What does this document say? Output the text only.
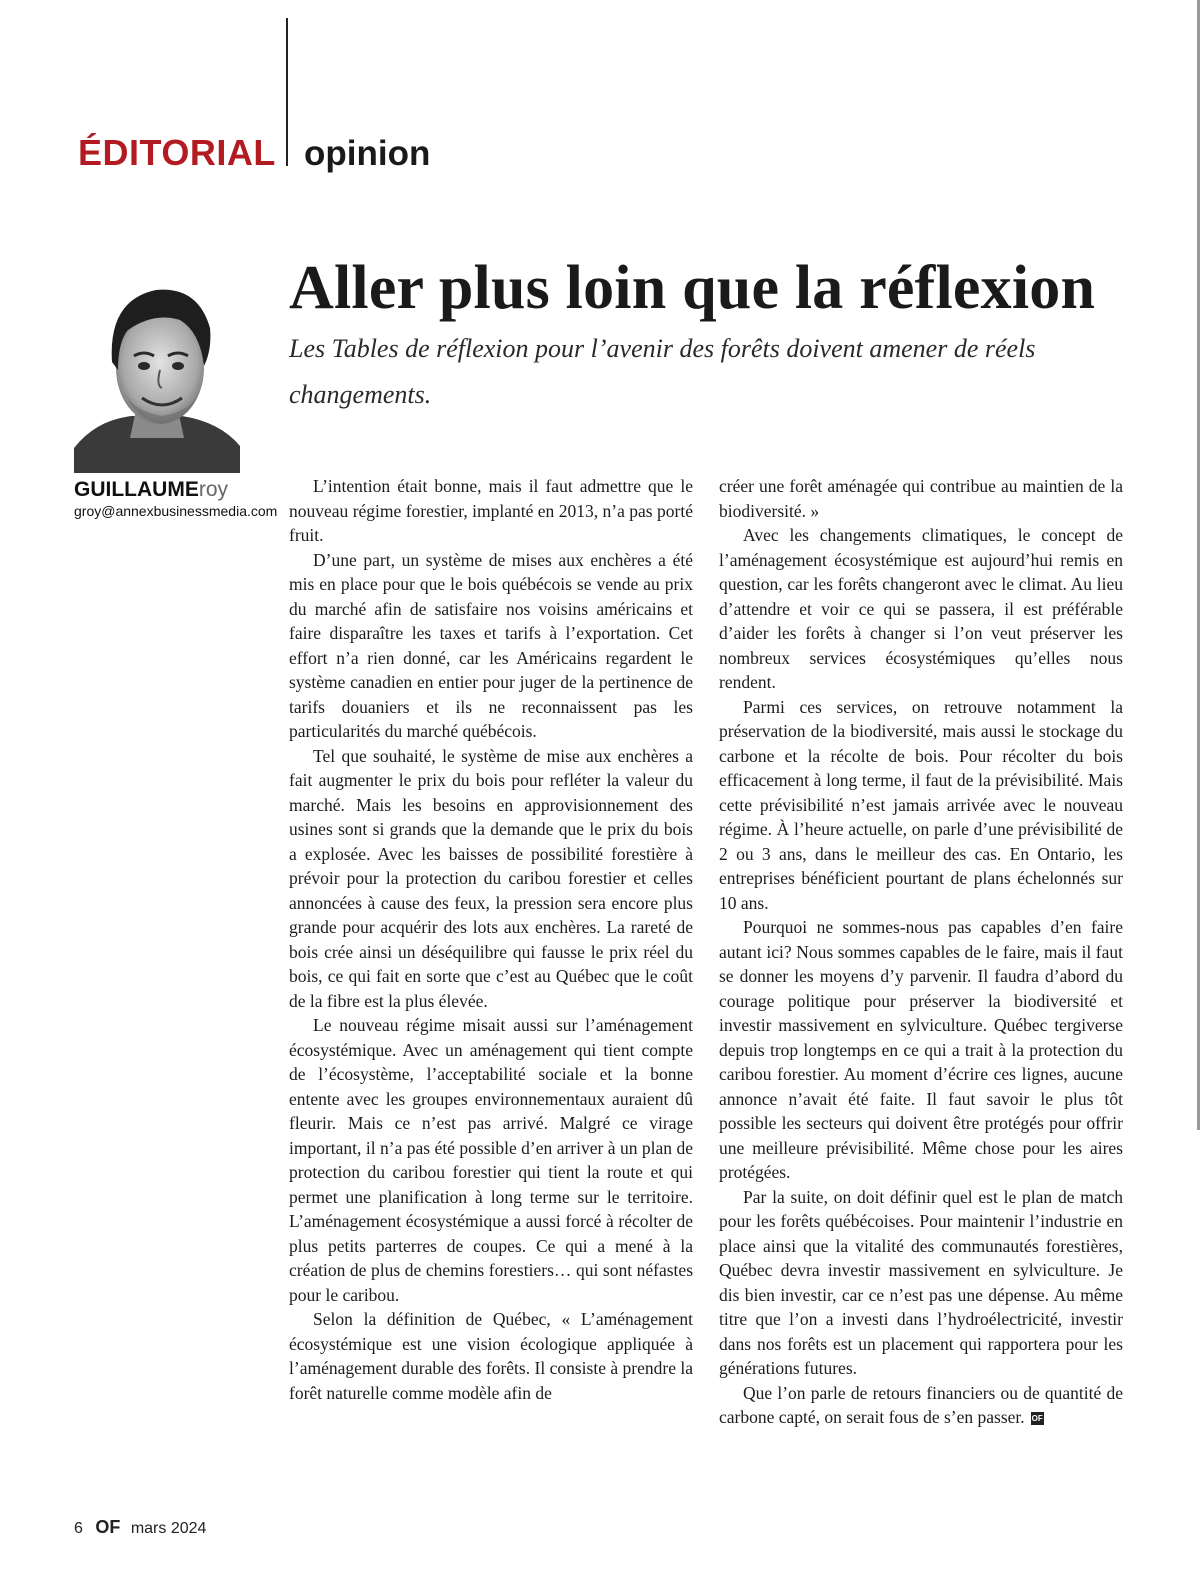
ÉDITORIAL opinion
Aller plus loin que la réflexion

Les Tables de réflexion pour l’avenir des forêts doivent amener de réels changements.

GUILLAUMEroy
groy@annexbusinessmedia.com

L’intention était bonne, mais il faut admettre que le nouveau régime forestier, implanté en 2013, n’a pas porté fruit.

D’une part, un système de mises aux enchères a été mis en place pour que le bois québécois se vende au prix du marché afin de satisfaire nos voisins américains et faire disparaître les taxes et tarifs à l’exportation. Cet effort n’a rien donné, car les Américains regardent le système canadien en entier pour juger de la pertinence de tarifs douaniers et ils ne reconnaissent pas les particularités du marché québécois.

Tel que souhaité, le système de mise aux enchères a fait augmenter le prix du bois pour refléter la valeur du marché. Mais les besoins en approvisionnement des usines sont si grands que la demande que le prix du bois a explosée. Avec les baisses de possibilité forestière à prévoir pour la protection du caribou forestier et celles annoncées à cause des feux, la pression sera encore plus grande pour acquérir des lots aux enchères. La rareté de bois crée ainsi un déséquilibre qui fausse le prix réel du bois, ce qui fait en sorte que c’est au Québec que le coût de la fibre est la plus élevée.

Le nouveau régime misait aussi sur l’aménagement écosystémique. Avec un aménagement qui tient compte de l’écosystème, l’acceptabilité sociale et la bonne entente avec les groupes environnementaux auraient dû fleurir. Mais ce n’est pas arrivé. Malgré ce virage important, il n’a pas été possible d’en arriver à un plan de protection du caribou forestier qui tient la route et qui permet une planification à long terme sur le territoire. L’aménagement écosystémique a aussi forcé à récolter de plus petits parterres de coupes. Ce qui a mené à la création de plus de chemins forestiers… qui sont néfastes pour le caribou.

Selon la définition de Québec, « L’aménagement écosystémique est une vision écologique appliquée à l’aménagement durable des forêts. Il consiste à prendre la forêt naturelle comme modèle afin de

créer une forêt aménagée qui contribue au maintien de la biodiversité. »

Avec les changements climatiques, le concept de l’aménagement écosystémique est aujourd’hui remis en question, car les forêts changeront avec le climat. Au lieu d’attendre et voir ce qui se passera, il est préférable d’aider les forêts à changer si l’on veut préserver les nombreux services écosystémiques qu’elles nous rendent.

Parmi ces services, on retrouve notamment la préservation de la biodiversité, mais aussi le stockage du carbone et la récolte de bois. Pour récolter du bois efficacement à long terme, il faut de la prévisibilité. Mais cette prévisibilité n’est jamais arrivée avec le nouveau régime. À l’heure actuelle, on parle d’une prévisibilité de 2 ou 3 ans, dans le meilleur des cas. En Ontario, les entreprises bénéficient pourtant de plans échelonnés sur 10 ans.

Pourquoi ne sommes-nous pas capables d’en faire autant ici? Nous sommes capables de le faire, mais il faut se donner les moyens d’y parvenir. Il faudra d’abord du courage politique pour préserver la biodiversité et investir massivement en sylviculture. Québec tergiverse depuis trop longtemps en ce qui a trait à la protection du caribou forestier. Au moment d’écrire ces lignes, aucune annonce n’avait été faite. Il faut savoir le plus tôt possible les secteurs qui doivent être protégés pour offrir une meilleure prévisibilité. Même chose pour les aires protégées.

Par la suite, on doit définir quel est le plan de match pour les forêts québécoises. Pour maintenir l’industrie en place ainsi que la vitalité des communautés forestières, Québec devra investir massivement en sylviculture. Je dis bien investir, car ce n’est pas une dépense. Au même titre que l’on a investi dans l’hydroélectricité, investir dans nos forêts est un placement qui rapportera pour les générations futures.

Que l’on parle de retours financiers ou de quantité de carbone capté, on serait fous de s’en passer. OF

6 OF mars 2024
